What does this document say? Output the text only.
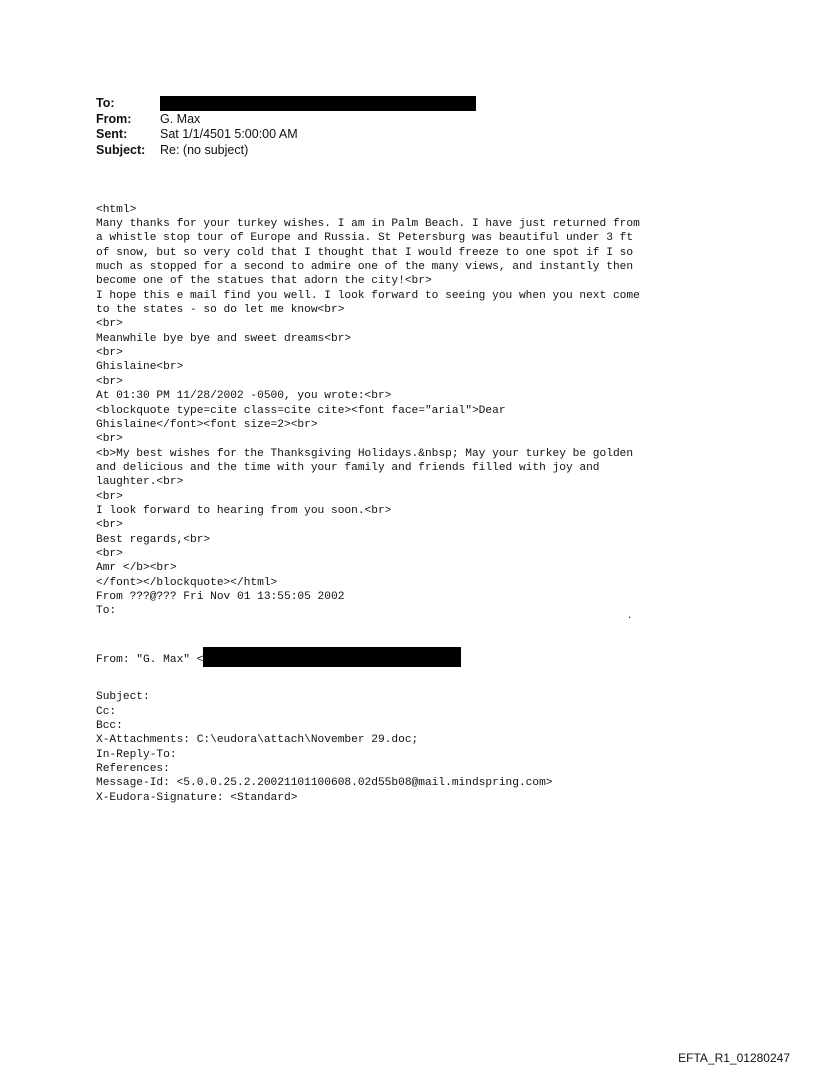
To:
From:	G. Max
Sent:	Sat 1/1/4501 5:00:00 AM
Subject:	Re: (no subject)

<html>
Many thanks for your turkey wishes. I am in Palm Beach. I have just returned from
a whistle stop tour of Europe and Russia. St Petersburg was beautiful under 3 ft
of snow, but so very cold that I thought that I would freeze to one spot if I so
much as stopped for a second to admire one of the many views, and instantly then
become one of the statues that adorn the city!<br>
I hope this e mail find you well. I look forward to seeing you when you next come
to the states - so do let me know<br>
<br>
Meanwhile bye bye and sweet dreams<br>
<br>
Ghislaine<br>
<br>
At 01:30 PM 11/28/2002 -0500, you wrote:<br>
<blockquote type=cite class=cite cite><font face="arial">Dear
Ghislaine</font><font size=2><br>
<br>
<b>My best wishes for the Thanksgiving Holidays.&nbsp; May your turkey be golden
and delicious and the time with your family and friends filled with joy and
laughter.<br>
<br>
I look forward to hearing from you soon.<br>
<br>
Best regards,<br>
<br>
Amr </b><br>
</font></blockquote></html>
From ???@??? Fri Nov 01 13:55:05 2002
To:

From: "G. Max" <

Subject:
Cc:
Bcc:
X-Attachments: C:\eudora\attach\November 29.doc;
In-Reply-To:
References:
Message-Id: <5.0.0.25.2.20021101100608.02d55b08@mail.mindspring.com>
X-Eudora-Signature: <Standard>

.
EFTA_R1_01280247
